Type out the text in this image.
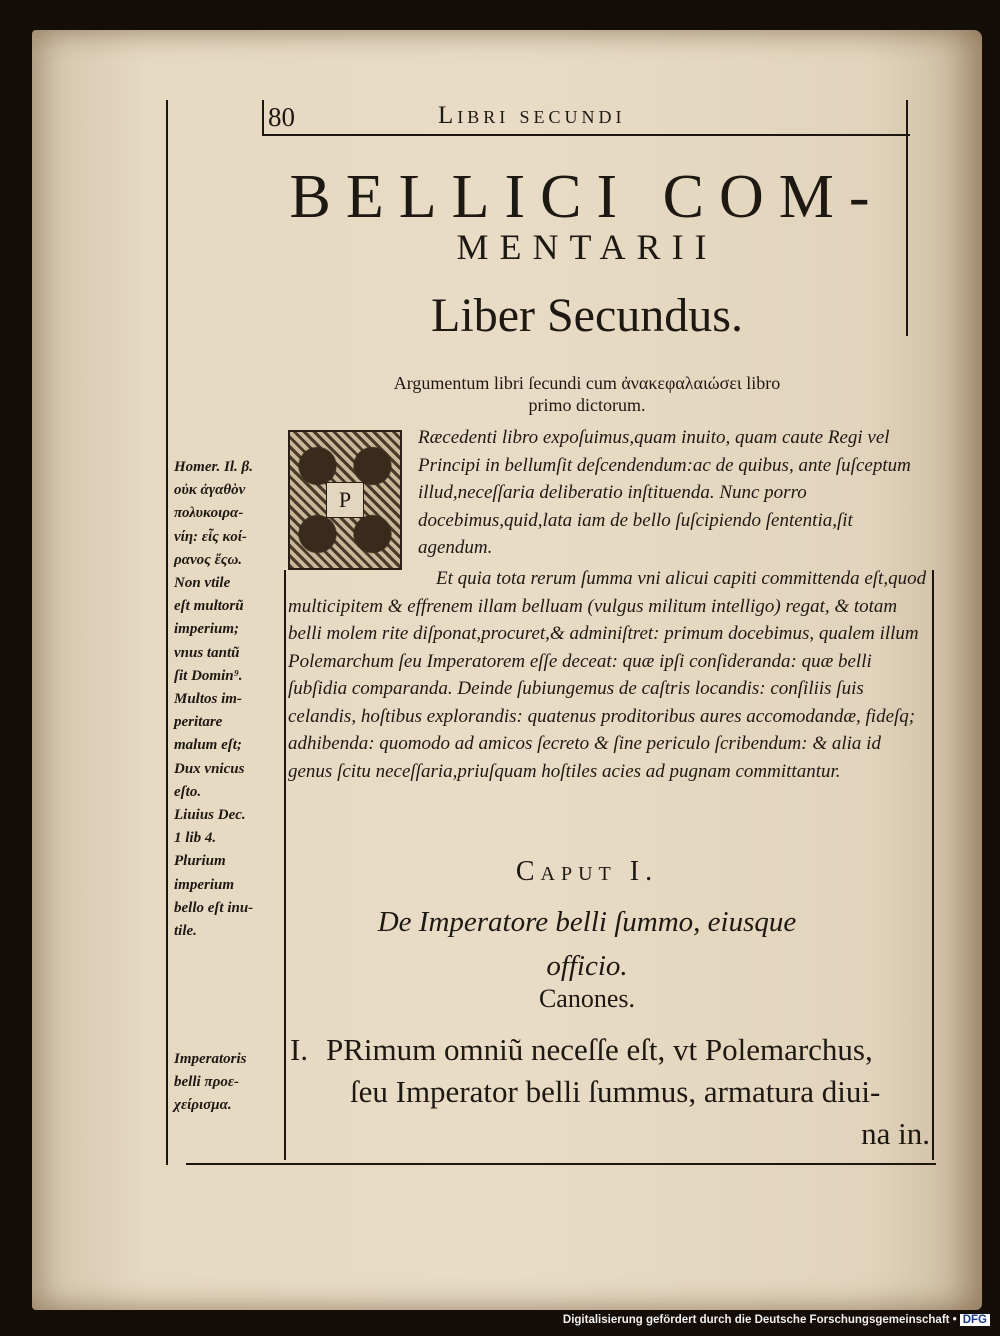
80	Libri secundi
BELLICI COM-
MENTARII
Liber Secundus.
Argumentum libri ſecundi cum ἀνακεφαλαιώσει libro
primo dictorum.
P
Ræcedenti libro expoſuimus,quam inuito, quam caute Regi vel Principi in bellumſit deſcendendum:ac de quibus, ante ſuſceptum illud,neceſſaria deliberatio inſtituenda. Nunc porro docebimus,quid,lata iam de bello ſuſcipiendo ſententia,ſit agendum.
Et quia tota rerum ſumma vni alicui capiti committenda eſt,quod multicipitem & effrenem illam belluam (vulgus militum intelligo) regat, & totam belli molem rite diſponat,procuret,& adminiſtret: primum docebimus, qualem illum Polemarchum ſeu Imperatorem eſſe deceat: quæ ipſi conſideranda: quæ belli ſubſidia comparanda. Deinde ſubiungemus de caſtris locandis: conſiliis ſuis celandis, hoſtibus explorandis: quatenus proditoribus aures accomodandæ, fideſq; adhibenda: quomodo ad amicos ſecreto & ſine periculo ſcribendum: & alia id genus ſcitu neceſſaria,priuſquam hoſtiles acies ad pugnam committantur.
Caput I.
De Imperatore belli ſummo, eiusque
officio.
Canones.
I. PRimum omniũ neceſſe eſt, vt Polemarchus,
ſeu Imperator belli ſummus, armatura diui-
na in.
Homer. Il. β.
οὐκ ἀγαθὸν
πολυκοιρα-
νίη: εἷς κοί-
ρανος ἔςω.
Non vtile
eſt multorũ
imperium;
vnus tantũ
ſit Domin⁹.
Multos im-
peritare
malum eſt;
Dux vnicus
eſto.
Liuius Dec.
1 lib 4.
Plurium
imperium
bello eſt inu-
tile.
Imperatoris
belli προε-
χείρισμα.
Digitalisierung gefördert durch die Deutsche Forschungsgemeinschaft • DFG
